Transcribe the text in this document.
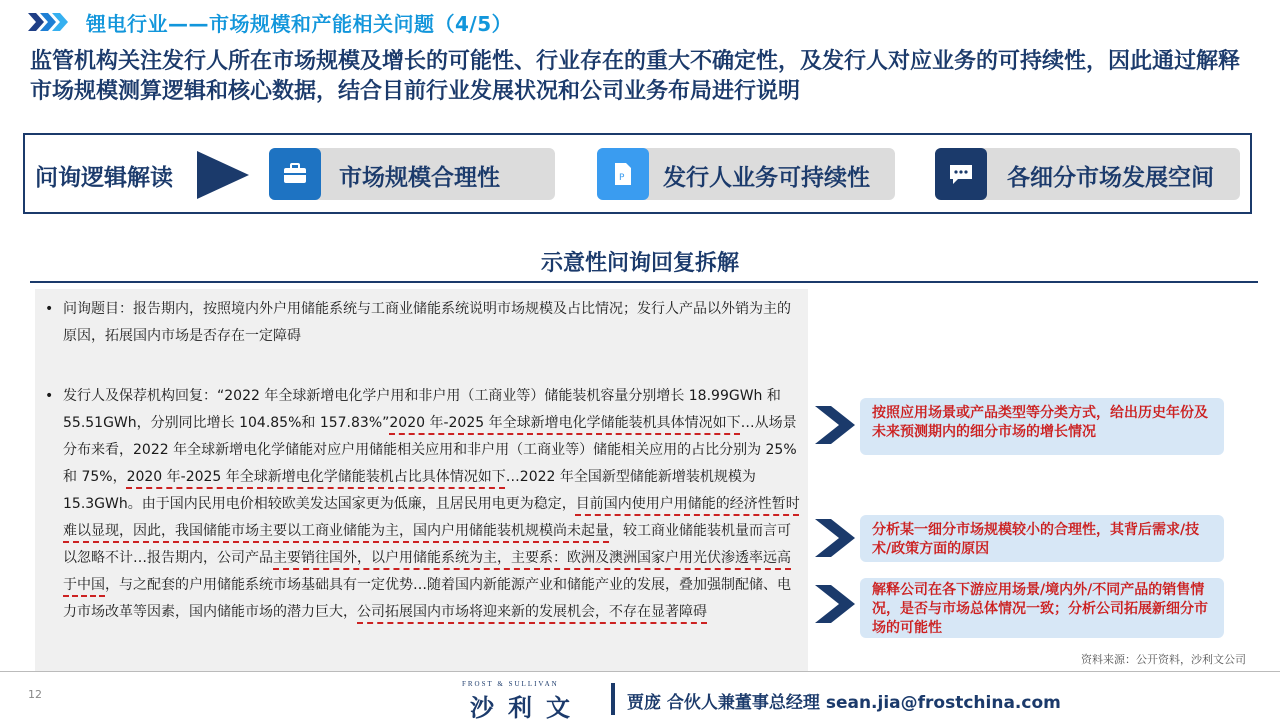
锂电行业——市场规模和产能相关问题（4/5）
监管机构关注发行人所在市场规模及增长的可能性、行业存在的重大不确定性，及发行人对应业务的可持续性，因此通过解释市场规模测算逻辑和核心数据，结合目前行业发展状况和公司业务布局进行说明
问询逻辑解读	市场规模合理性	P 发行人业务可持续性	各细分市场发展空间
示意性问询回复拆解
• 问询题目：报告期内，按照境内外户用储能系统与工商业储能系统说明市场规模及占比情况；发行人产品以外销为主的原因，拓展国内市场是否存在一定障碍
• 发行人及保荐机构回复：“2022 年全球新增电化学户用和非户用（工商业等）储能装机容量分别增长 18.99GWh 和 55.51GWh，分别同比增长 104.85%和 157.83%”2020 年-2025 年全球新增电化学储能装机具体情况如下…从场景分布来看，2022 年全球新增电化学储能对应户用储能相关应用和非户用（工商业等）储能相关应用的占比分别为 25%和 75%，2020 年-2025 年全球新增电化学储能装机占比具体情况如下…2022 年全国新型储能新增装机规模为 15.3GWh。由于国内民用电价相较欧美发达国家更为低廉，且居民用电更为稳定，目前国内使用户用储能的经济性暂时难以显现，因此，我国储能市场主要以工商业储能为主，国内户用储能装机规模尚未起量，较工商业储能装机量而言可以忽略不计…报告期内，公司产品主要销往国外，以户用储能系统为主，主要系：欧洲及澳洲国家户用光伏渗透率远高于中国，与之配套的户用储能系统市场基础具有一定优势…随着国内新能源产业和储能产业的发展，叠加强制配储、电力市场改革等因素，国内储能市场的潜力巨大，公司拓展国内市场将迎来新的发展机会，不存在显著障碍
按照应用场景或产品类型等分类方式，给出历史年份及未来预测期内的细分市场的增长情况
分析某一细分市场规模较小的合理性，其背后需求/技术/政策方面的原因
解释公司在各下游应用场景/境内外/不同产品的销售情况，是否与市场总体情况一致；分析公司拓展新细分市场的可能性
资料来源：公开资料，沙利文公司
12
FROST & SULLIVAN
沙利文	贾庞 合伙人兼董事总经理 sean.jia@frostchina.com
